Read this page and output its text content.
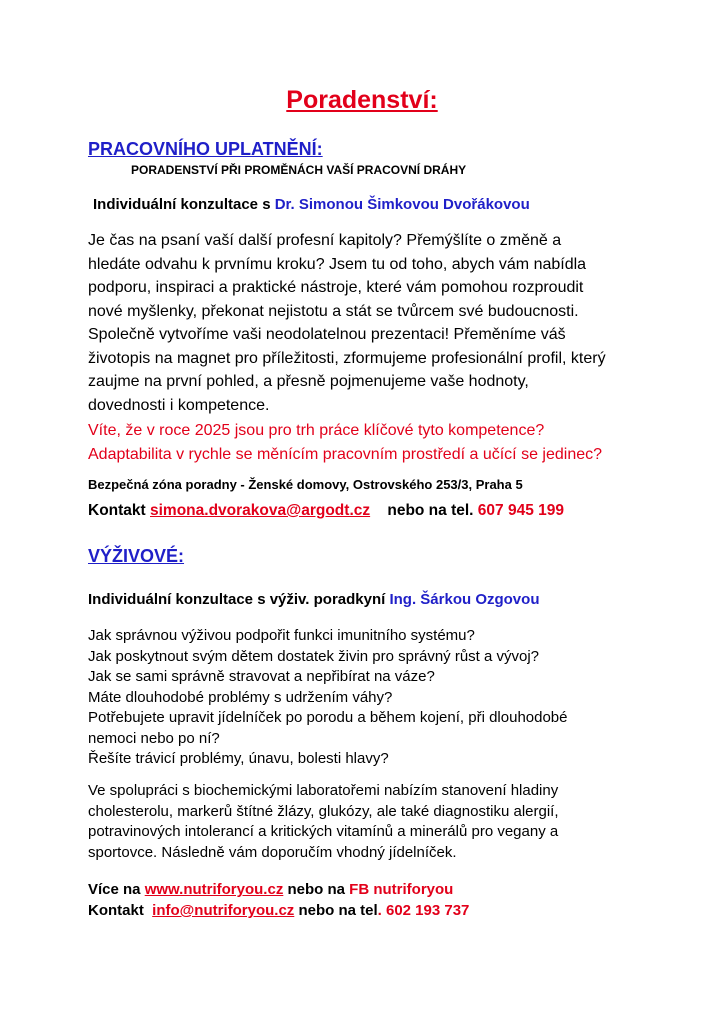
Poradenství:
PRACOVNÍHO UPLATNĚNÍ:
PORADENSTVÍ PŘI PROMĚNÁCH VAŠÍ PRACOVNÍ DRÁHY
Individuální konzultace s Dr. Simonou Šimkovou Dvořákovou
Je čas na psaní vaší další profesní kapitoly? Přemýšlíte o změně a
hledáte odvahu k prvnímu kroku? Jsem tu od toho, abych vám nabídla
podporu, inspiraci a praktické nástroje, které vám pomohou rozproudit
nové myšlenky, překonat nejistotu a stát se tvůrcem své budoucnosti.
Společně vytvoříme vaši neodolatelnou prezentaci! Přeměníme váš
životopis na magnet pro příležitosti, zformujeme profesionální profil, který
zaujme na první pohled, a přesně pojmenujeme vaše hodnoty,
dovednosti i kompetence.
Víte, že v roce 2025 jsou pro trh práce klíčové tyto kompetence?
Adaptabilita v rychle se měnícím pracovním prostředí a učící se jedinec?
Bezpečná zóna poradny - Ženské domovy, Ostrovského 253/3, Praha 5
Kontakt simona.dvorakova@argodt.cz    nebo na tel. 607 945 199
VÝŽIVOVÉ:
Individuální konzultace s výživ. poradkyní Ing. Šárkou Ozgovou
Jak správnou výživou podpořit funkci imunitního systému?
Jak poskytnout svým dětem dostatek živin pro správný růst a vývoj?
Jak se sami správně stravovat a nepřibírat na váze?
Máte dlouhodobé problémy s udržením váhy?
Potřebujete upravit jídelníček po porodu a během kojení, při dlouhodobé
nemoci nebo po ní?
Řešíte trávicí problémy, únavu, bolesti hlavy?
Ve spolupráci s biochemickými laboratořemi nabízím stanovení hladiny
cholesterolu, markerů štítné žlázy, glukózy, ale také diagnostiku alergií,
potravinových intolerancí a kritických vitamínů a minerálů pro vegany a
sportovce. Následně vám doporučím vhodný jídelníček.
Více na www.nutriforyou.cz nebo na FB nutriforyou
Kontakt  info@nutriforyou.cz nebo na tel. 602 193 737
